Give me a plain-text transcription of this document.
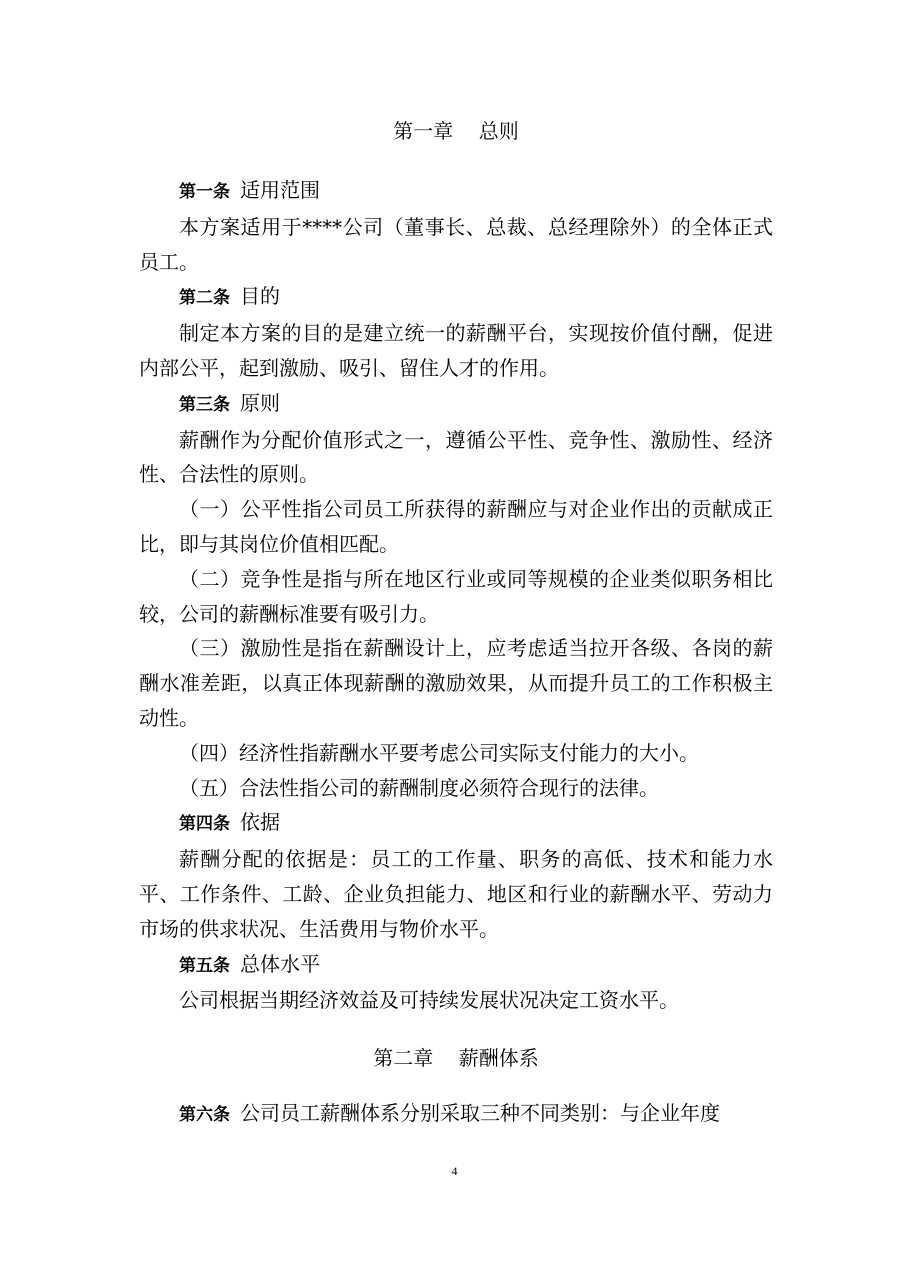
第一章    总则

第一条 适用范围

本方案适用于****公司（董事长、总裁、总经理除外）的全体正式员工。

第二条 目的

制定本方案的目的是建立统一的薪酬平台，实现按价值付酬，促进内部公平，起到激励、吸引、留住人才的作用。

第三条 原则

薪酬作为分配价值形式之一，遵循公平性、竞争性、激励性、经济性、合法性的原则。

（一）公平性指公司员工所获得的薪酬应与对企业作出的贡献成正比，即与其岗位价值相匹配。

（二）竞争性是指与所在地区行业或同等规模的企业类似职务相比较，公司的薪酬标准要有吸引力。

（三）激励性是指在薪酬设计上，应考虑适当拉开各级、各岗的薪酬水准差距，以真正体现薪酬的激励效果，从而提升员工的工作积极主动性。

（四）经济性指薪酬水平要考虑公司实际支付能力的大小。

（五）合法性指公司的薪酬制度必须符合现行的法律。

第四条 依据

薪酬分配的依据是：员工的工作量、职务的高低、技术和能力水平、工作条件、工龄、企业负担能力、地区和行业的薪酬水平、劳动力市场的供求状况、生活费用与物价水平。

第五条 总体水平

公司根据当期经济效益及可持续发展状况决定工资水平。

第二章    薪酬体系

第六条 公司员工薪酬体系分别采取三种不同类别：与企业年度

4
